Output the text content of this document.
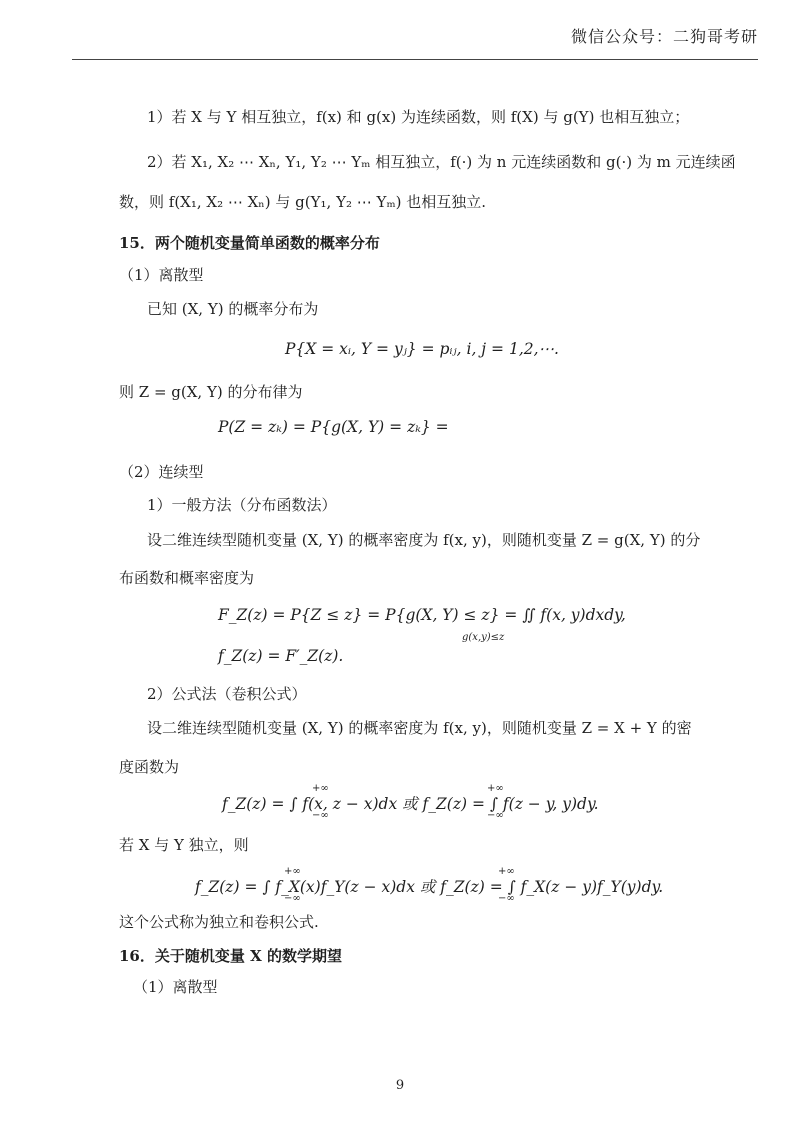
微信公众号：二狗哥考研
1）若 X 与 Y 相互独立，f(x) 和 g(x) 为连续函数，则 f(X) 与 g(Y) 也相互独立；
2）若 X₁, X₂ ⋯ Xₙ, Y₁, Y₂ ⋯ Yₘ 相互独立，f(·) 为 n 元连续函数和 g(·) 为 m 元连续函
数，则 f(X₁, X₂ ⋯ Xₙ) 与 g(Y₁, Y₂ ⋯ Yₘ) 也相互独立.
15．两个随机变量简单函数的概率分布
（1）离散型
已知 (X, Y) 的概率分布为
P{X = xᵢ, Y = yⱼ} = pᵢⱼ, i, j = 1,2,⋯.
则 Z = g(X, Y) 的分布律为
P(Z = zₖ) = P{g(X, Y) = zₖ} =
（2）连续型
1）一般方法（分布函数法）
设二维连续型随机变量 (X, Y) 的概率密度为 f(x, y)，则随机变量 Z = g(X, Y) 的分
布函数和概率密度为
F_Z(z) = P{Z ≤ z} = P{g(X, Y) ≤ z} = ∬ f(x, y)dxdy,
g(x,y)≤z
f_Z(z) = F′_Z(z).
2）公式法（卷积公式）
设二维连续型随机变量 (X, Y) 的概率密度为 f(x, y)，则随机变量 Z = X + Y 的密
度函数为
f_Z(z) = ∫ f(x, z − x)dx 或 f_Z(z) = ∫ f(z − y, y)dy.
+∞
−∞
+∞
−∞
若 X 与 Y 独立，则
f_Z(z) = ∫ f_X(x)f_Y(z − x)dx 或 f_Z(z) = ∫ f_X(z − y)f_Y(y)dy.
+∞
−∞
+∞
−∞
这个公式称为独立和卷积公式.
16．关于随机变量 X 的数学期望
（1）离散型
9
